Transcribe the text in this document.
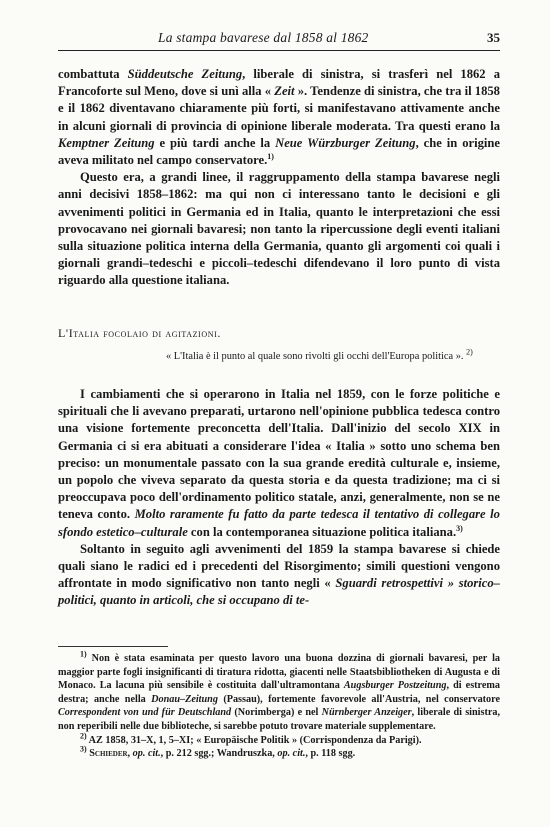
La stampa bavarese dal 1858 al 1862	35

combattuta Süddeutsche Zeitung, liberale di sinistra, si trasferì nel 1862 a Francoforte sul Meno, dove si unì alla « Zeit ». Tendenze di sinistra, che tra il 1858 e il 1862 diventavano chiaramente più forti, si manifestavano attivamente anche in alcuni giornali di provincia di opinione liberale moderata. Tra questi erano la Kemptner Zeitung e più tardi anche la Neue Würzburger Zeitung, che in origine aveva militato nel campo conservatore.$^{1)}$

Questo era, a grandi linee, il raggruppamento della stampa bavarese negli anni decisivi 1858–1862: ma qui non ci interessano tanto le decisioni e gli avvenimenti politici in Germania ed in Italia, quanto le interpretazioni che essi provocavano nei giornali bavaresi; non tanto la ripercussione degli eventi italiani sulla situazione politica interna della Germania, quanto gli argomenti coi quali i giornali grandi–tedeschi e piccoli–tedeschi difendevano il loro punto di vista riguardo alla questione italiana.

L'Italia focolaio di agitazioni.
« L'Italia è il punto al quale sono rivolti gli occhi dell'Europa politica ». $^{2)}$

I cambiamenti che si operarono in Italia nel 1859, con le forze politiche e spirituali che li avevano preparati, urtarono nell'opinione pubblica tedesca contro una visione fortemente preconcetta dell'Italia. Dall'inizio del secolo XIX in Germania ci si era abituati a considerare l'idea « Italia » sotto uno schema ben preciso: un monumentale passato con la sua grande eredità culturale e, insieme, un popolo che viveva separato da questa storia e da questa tradizione; ma ci si preoccupava poco dell'ordinamento politico statale, anzi, generalmente, non se ne teneva conto. Molto raramente fu fatto da parte tedesca il tentativo di collegare lo sfondo estetico–culturale con la contemporanea situazione politica italiana.$^{3)}$

Soltanto in seguito agli avvenimenti del 1859 la stampa bavarese si chiede quali siano le radici ed i precedenti del Risorgimento; simili questioni vengono affrontate in modo significativo non tanto negli « Sguardi retrospettivi » storico–politici, quanto in articoli, che si occupano di te-

$^{1)}$ Non è stata esaminata per questo lavoro una buona dozzina di giornali bavaresi, per la maggior parte fogli insignificanti di tiratura ridotta, giacenti nelle Staatsbibliotheken di Augusta e di Monaco. La lacuna più sensibile è costituita dall'ultramontana Augsburger Postzeitung, di estrema destra; anche nella Donau–Zeitung (Passau), fortemente favorevole all'Austria, nel conservatore Correspondent von und für Deutschland (Norimberga) e nel Nürnberger Anzeiger, liberale di sinistra, non reperibili nelle due biblioteche, si sarebbe potuto trovare materiale supplementare.

$^{2)}$ AZ 1858, 31–X, 1, 5–XI; « Europäische Politik » (Corrispondenza da Parigi).

$^{3)}$ Schieder, op. cit., p. 212 sgg.; Wandruszka, op. cit., p. 118 sgg.
